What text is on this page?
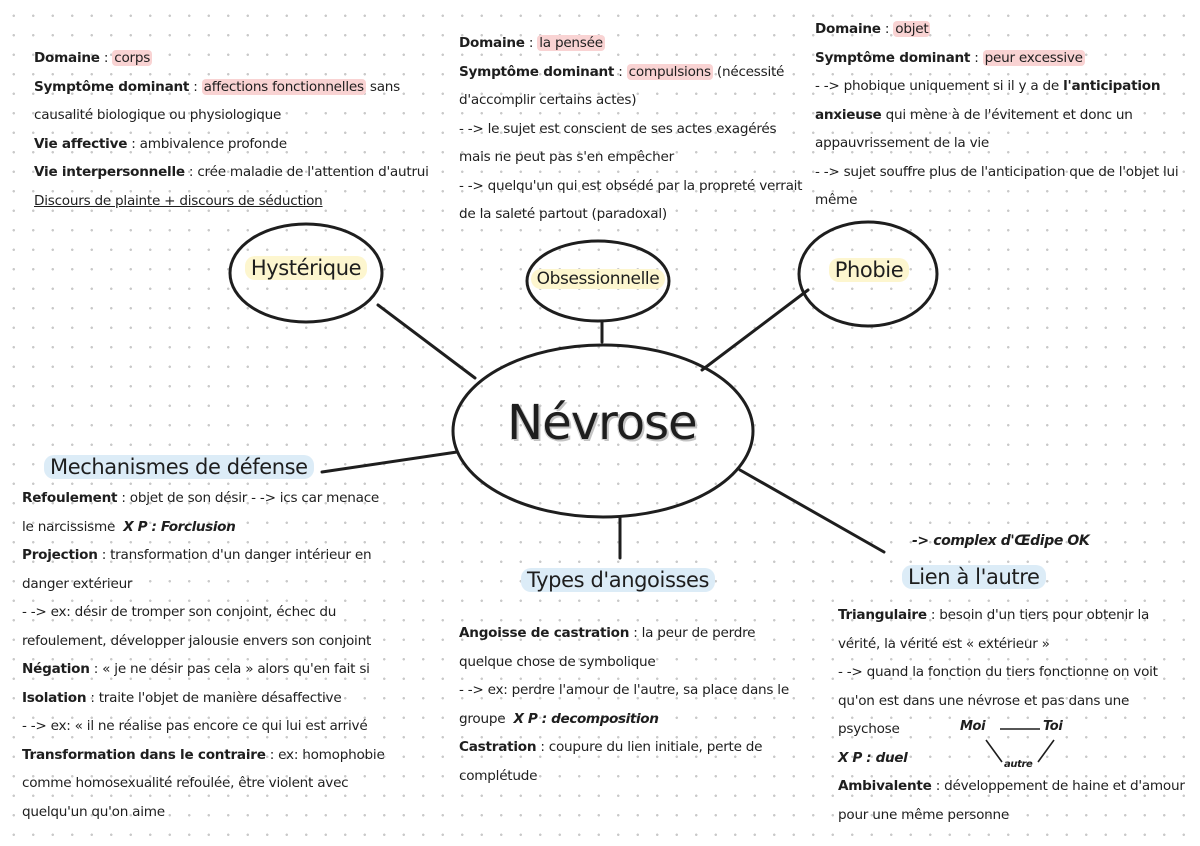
Hystérique	Obsessionnelle	Phobie
Névrose

Domaine : corps

Symptôme dominant : affections fonctionnelles sans

causalité biologique ou physiologique

Vie affective : ambivalence profonde

Vie interpersonnelle : crée maladie de l'attention d'autrui

Discours de plainte + discours de séduction

Domaine : la pensée

Symptôme dominant : compulsions (nécessité

d'accomplir certains actes)

- -> le sujet est conscient de ses actes exagérés

mais ne peut pas s'en empêcher

- -> quelqu'un qui est obsédé par la propreté verrait

de la saleté partout (paradoxal)

Domaine : objet

Symptôme dominant : peur excessive

- -> phobique uniquement si il y a de l'anticipation

anxieuse qui mène à de l'évitement et donc un

appauvrissement de la vie

- -> sujet souffre plus de l'anticipation que de l'objet lui

même

Mechanismes de défense

Refoulement : objet de son désir - -> ics car menace

le narcissisme X P : Forclusion

Projection : transformation d'un danger intérieur en

danger extérieur

- -> ex: désir de tromper son conjoint, échec du

refoulement, développer jalousie envers son conjoint

Négation : « je ne désir pas cela » alors qu'en fait si

Isolation : traite l'objet de manière désaffective

- -> ex: « il ne réalise pas encore ce qui lui est arrivé

Transformation dans le contraire : ex: homophobie

comme homosexualité refoulée, être violent avec

quelqu'un qu'on aime

Types d'angoisses

Angoisse de castration : la peur de perdre

quelque chose de symbolique

- -> ex: perdre l'amour de l'autre, sa place dans le

groupe X P : decomposition

Castration : coupure du lien initiale, perte de

complétude

-> complex d'Œdipe OK
Lien à l'autre

Triangulaire : besoin d'un tiers pour obtenir la

vérité, la vérité est « extérieur »

- -> quand la fonction du tiers fonctionne on voit

qu'on est dans une névrose et pas dans une

psychose

X P : duel

Ambivalente : développement de haine et d'amour

pour une même personne

Moi	Toi
autre
